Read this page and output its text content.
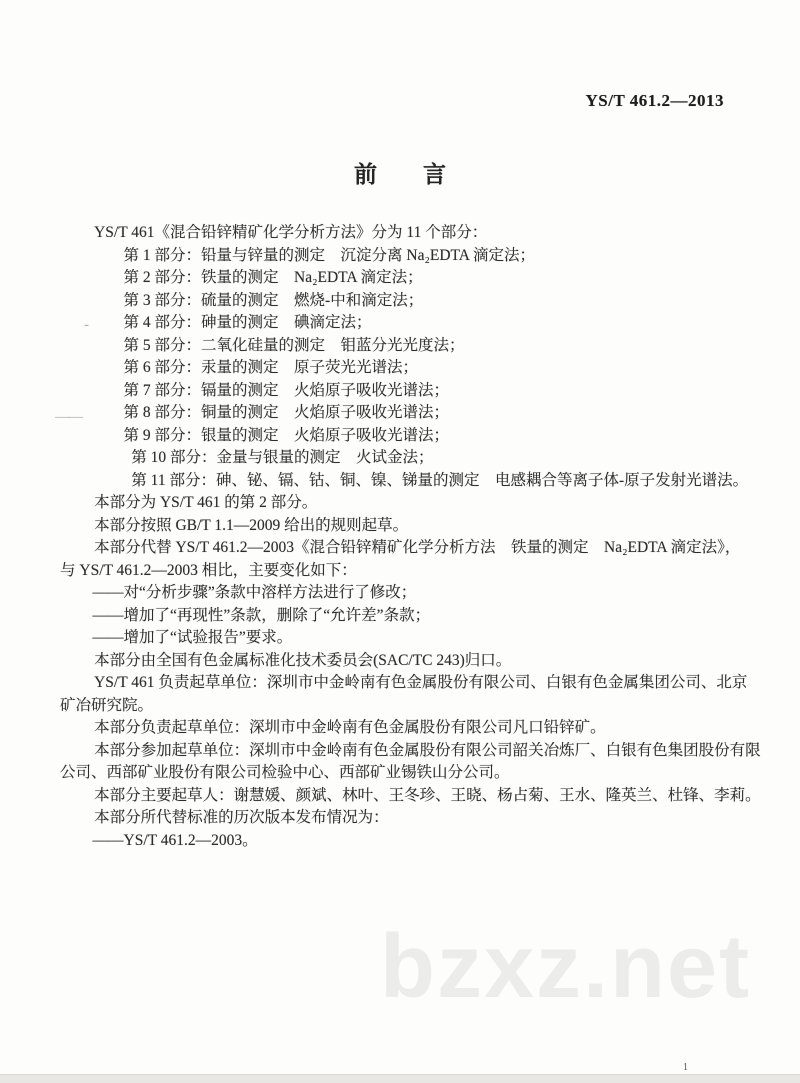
YS/T 461.2—2013
前　　言

YS/T 461《混合铅锌精矿化学分析方法》分为 11 个部分：

第 1 部分：铅量与锌量的测定　沉淀分离 Na₂EDTA 滴定法；

第 2 部分：铁量的测定　Na₂EDTA 滴定法；

第 3 部分：硫量的测定　燃烧-中和滴定法；

第 4 部分：砷量的测定　碘滴定法；

第 5 部分：二氧化硅量的测定　钼蓝分光光度法；

第 6 部分：汞量的测定　原子荧光光谱法；

第 7 部分：镉量的测定　火焰原子吸收光谱法；

第 8 部分：铜量的测定　火焰原子吸收光谱法；

第 9 部分：银量的测定　火焰原子吸收光谱法；

第 10 部分：金量与银量的测定　火试金法；

第 11 部分：砷、铋、镉、钴、铜、镍、锑量的测定　电感耦合等离子体-原子发射光谱法。

本部分为 YS/T 461 的第 2 部分。

本部分按照 GB/T 1.1—2009 给出的规则起草。

本部分代替 YS/T 461.2—2003《混合铅锌精矿化学分析方法　铁量的测定　Na₂EDTA 滴定法》，

与 YS/T 461.2—2003 相比，主要变化如下：

——对“分析步骤”条款中溶样方法进行了修改；

——增加了“再现性”条款，删除了“允许差”条款；

——增加了“试验报告”要求。

本部分由全国有色金属标准化技术委员会(SAC/TC 243)归口。

YS/T 461 负责起草单位：深圳市中金岭南有色金属股份有限公司、白银有色金属集团公司、北京

矿冶研究院。

本部分负责起草单位：深圳市中金岭南有色金属股份有限公司凡口铅锌矿。

本部分参加起草单位：深圳市中金岭南有色金属股份有限公司韶关冶炼厂、白银有色集团股份有限

公司、西部矿业股份有限公司检验中心、西部矿业锡铁山分公司。

本部分主要起草人：谢慧媛、颜斌、林叶、王冬珍、王晓、杨占菊、王水、隆英兰、杜锋、李莉。

本部分所代替标准的历次版本发布情况为：

——YS/T 461.2—2003。

-
——
bzxz.net
1
